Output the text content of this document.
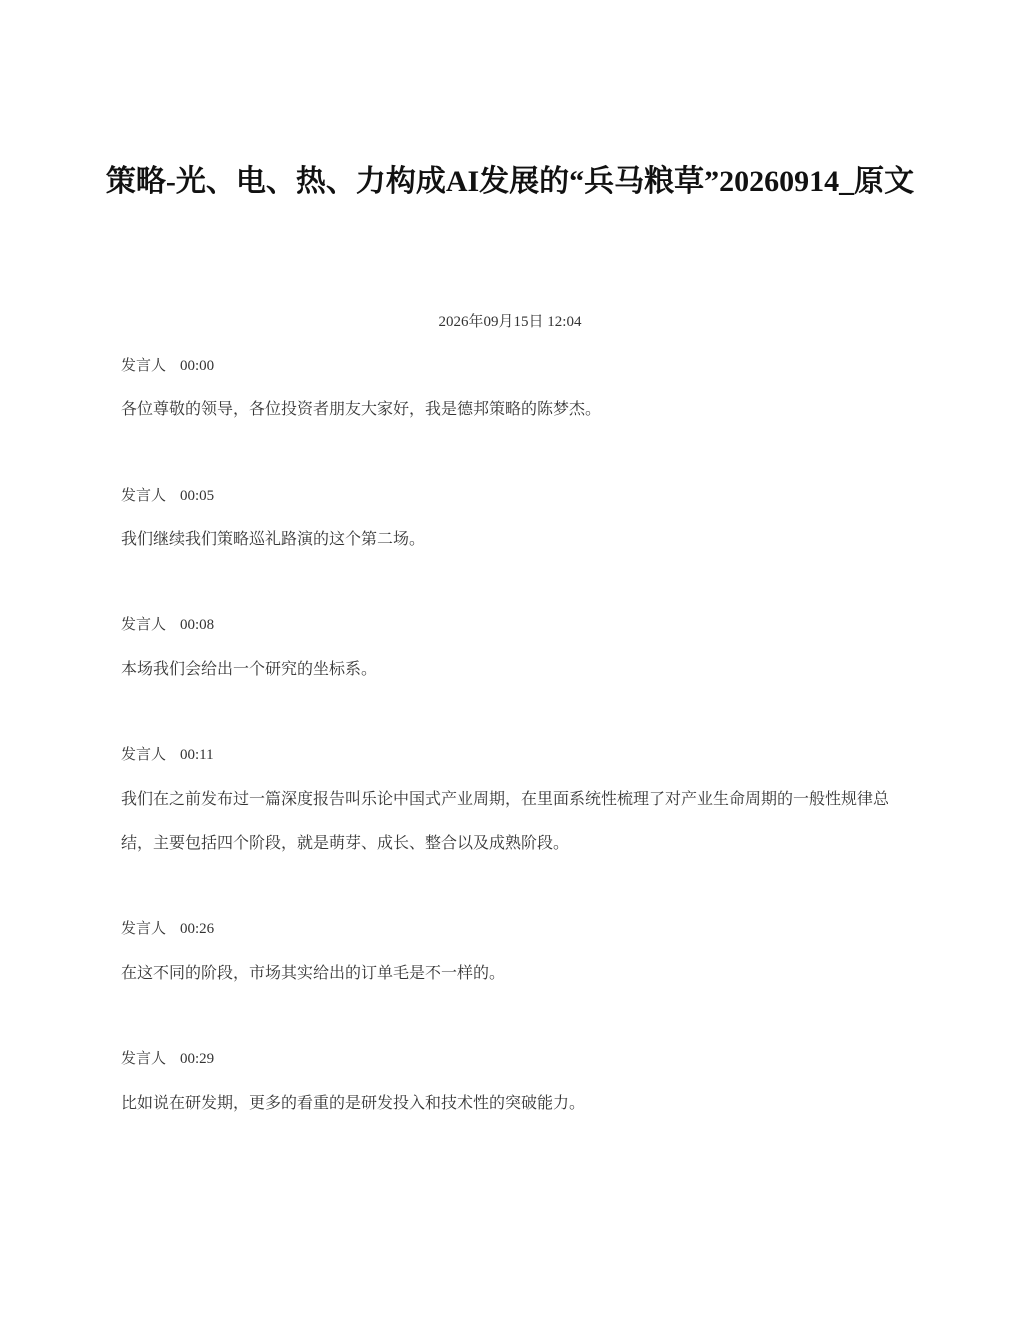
策略-光、电、热、力构成AI发展的“兵马粮草”20260914_原文
2026年09月15日 12:04
发言人 00:00
各位尊敬的领导，各位投资者朋友大家好，我是德邦策略的陈梦杰。
发言人 00:05
我们继续我们策略巡礼路演的这个第二场。
发言人 00:08
本场我们会给出一个研究的坐标系。
发言人 00:11
我们在之前发布过一篇深度报告叫乐论中国式产业周期，在里面系统性梳理了对产业生命周期的一般性规律总结，主要包括四个阶段，就是萌芽、成长、整合以及成熟阶段。
发言人 00:26
在这不同的阶段，市场其实给出的订单毛是不一样的。
发言人 00:29
比如说在研发期，更多的看重的是研发投入和技术性的突破能力。
